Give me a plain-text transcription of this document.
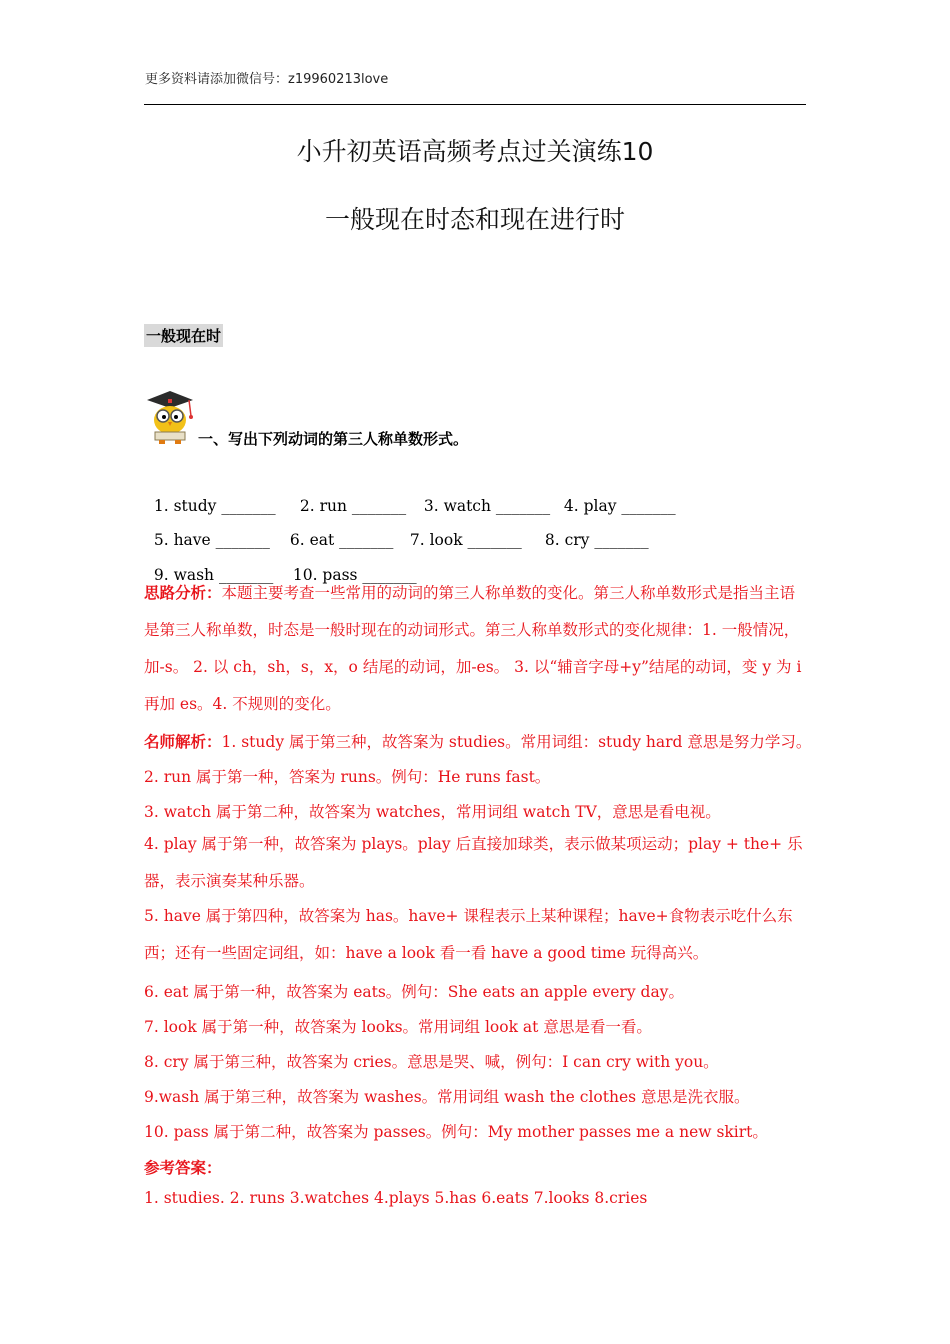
更多资料请添加微信号：z19960213love
小升初英语高频考点过关演练10
一般现在时态和现在进行时
一般现在时
一、写出下列动词的第三人称单数形式。

1. study _______ 2. run _______ 3. watch _______ 4. play _______

5. have _______ 6. eat _______ 7. look _______ 8. cry _______

9. wash _______ 10. pass _______

思路分析：本题主要考查一些常用的动词的第三人称单数的变化。第三人称单数形式是指当主语是第三人称单数，时态是一般时现在的动词形式。第三人称单数形式的变化规律：1. 一般情况，加-s。 2. 以 ch，sh，s，x，o 结尾的动词，加-es。 3. 以“辅音字母+y”结尾的动词，变 y 为 i 再加 es。4. 不规则的变化。
名师解析：1. study 属于第三种，故答案为 studies。常用词组：study hard 意思是努力学习。
2. run 属于第一种，答案为 runs。例句：He runs fast。
3. watch 属于第二种，故答案为 watches，常用词组 watch TV，意思是看电视。
4. play 属于第一种，故答案为 plays。play 后直接加球类，表示做某项运动；play + the+ 乐器，表示演奏某种乐器。
5. have 属于第四种，故答案为 has。have+ 课程表示上某种课程；have+食物表示吃什么东西；还有一些固定词组，如：have a look 看一看 have a good time 玩得高兴。
6. eat 属于第一种，故答案为 eats。例句：She eats an apple every day。
7. look 属于第一种，故答案为 looks。常用词组 look at 意思是看一看。
8. cry 属于第三种，故答案为 cries。意思是哭、喊，例句：I can cry with you。
9.wash 属于第三种，故答案为 washes。常用词组 wash the clothes 意思是洗衣服。
10. pass 属于第二种，故答案为 passes。例句：My mother passes me a new skirt。
参考答案：
1. studies. 2. runs 3.watches 4.plays 5.has 6.eats 7.looks 8.cries
